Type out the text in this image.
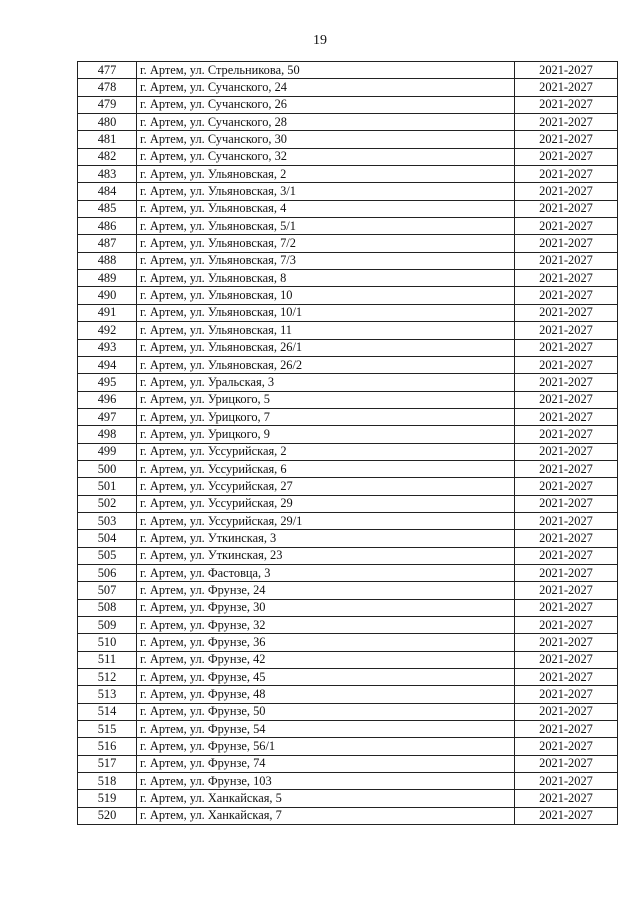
19
477	г. Артем, ул. Стрельникова, 50	2021-2027
478	г. Артем, ул. Сучанского, 24	2021-2027
479	г. Артем, ул. Сучанского, 26	2021-2027
480	г. Артем, ул. Сучанского, 28	2021-2027
481	г. Артем, ул. Сучанского, 30	2021-2027
482	г. Артем, ул. Сучанского, 32	2021-2027
483	г. Артем, ул. Ульяновская, 2	2021-2027
484	г. Артем, ул. Ульяновская, 3/1	2021-2027
485	г. Артем, ул. Ульяновская, 4	2021-2027
486	г. Артем, ул. Ульяновская, 5/1	2021-2027
487	г. Артем, ул. Ульяновская, 7/2	2021-2027
488	г. Артем, ул. Ульяновская, 7/3	2021-2027
489	г. Артем, ул. Ульяновская, 8	2021-2027
490	г. Артем, ул. Ульяновская, 10	2021-2027
491	г. Артем, ул. Ульяновская, 10/1	2021-2027
492	г. Артем, ул. Ульяновская, 11	2021-2027
493	г. Артем, ул. Ульяновская, 26/1	2021-2027
494	г. Артем, ул. Ульяновская, 26/2	2021-2027
495	г. Артем, ул. Уральская, 3	2021-2027
496	г. Артем, ул. Урицкого, 5	2021-2027
497	г. Артем, ул. Урицкого, 7	2021-2027
498	г. Артем, ул. Урицкого, 9	2021-2027
499	г. Артем, ул. Уссурийская, 2	2021-2027
500	г. Артем, ул. Уссурийская, 6	2021-2027
501	г. Артем, ул. Уссурийская, 27	2021-2027
502	г. Артем, ул. Уссурийская, 29	2021-2027
503	г. Артем, ул. Уссурийская, 29/1	2021-2027
504	г. Артем, ул. Уткинская, 3	2021-2027
505	г. Артем, ул. Уткинская, 23	2021-2027
506	г. Артем, ул. Фастовца, 3	2021-2027
507	г. Артем, ул. Фрунзе, 24	2021-2027
508	г. Артем, ул. Фрунзе, 30	2021-2027
509	г. Артем, ул. Фрунзе, 32	2021-2027
510	г. Артем, ул. Фрунзе, 36	2021-2027
511	г. Артем, ул. Фрунзе, 42	2021-2027
512	г. Артем, ул. Фрунзе, 45	2021-2027
513	г. Артем, ул. Фрунзе, 48	2021-2027
514	г. Артем, ул. Фрунзе, 50	2021-2027
515	г. Артем, ул. Фрунзе, 54	2021-2027
516	г. Артем, ул. Фрунзе, 56/1	2021-2027
517	г. Артем, ул. Фрунзе, 74	2021-2027
518	г. Артем, ул. Фрунзе, 103	2021-2027
519	г. Артем, ул. Ханкайская, 5	2021-2027
520	г. Артем, ул. Ханкайская, 7	2021-2027
